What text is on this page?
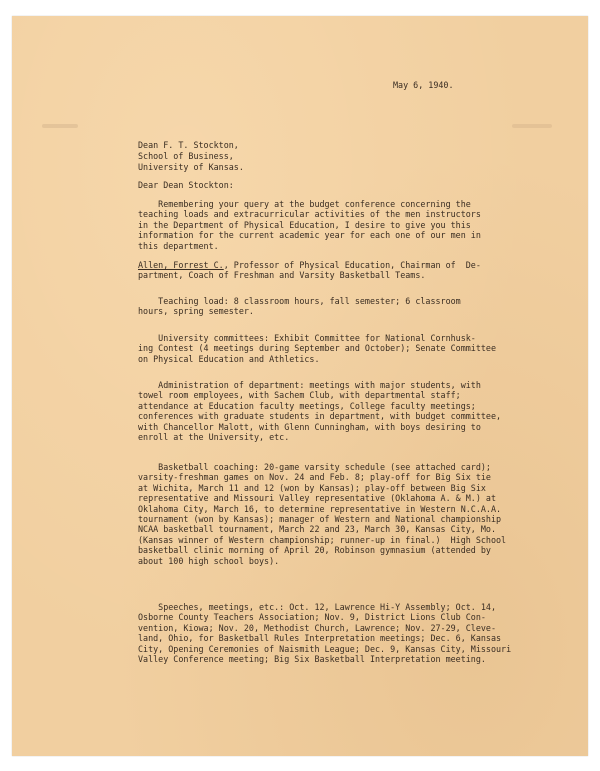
May 6, 1940.
Dean F. T. Stockton,
School of Business,
University of Kansas.
Dear Dean Stockton:
Remembering your query at the budget conference concerning the
teaching loads and extracurricular activities of the men instructors
in the Department of Physical Education, I desire to give you this
information for the current academic year for each one of our men in
this department.
Allen, Forrest C., Professor of Physical Education, Chairman of  De-
partment, Coach of Freshman and Varsity Basketball Teams.
Teaching load: 8 classroom hours, fall semester; 6 classroom
hours, spring semester.
University committees: Exhibit Committee for National Cornhusk-
ing Contest (4 meetings during September and October); Senate Committee
on Physical Education and Athletics.
Administration of department: meetings with major students, with
towel room employees, with Sachem Club, with departmental staff;
attendance at Education faculty meetings, College faculty meetings;
conferences with graduate students in department, with budget committee,
with Chancellor Malott, with Glenn Cunningham, with boys desiring to
enroll at the University, etc.
Basketball coaching: 20-game varsity schedule (see attached card);
varsity-freshman games on Nov. 24 and Feb. 8; play-off for Big Six tie
at Wichita, March 11 and 12 (won by Kansas); play-off between Big Six
representative and Missouri Valley representative (Oklahoma A. & M.) at
Oklahoma City, March 16, to determine representative in Western N.C.A.A.
tournament (won by Kansas); manager of Western and National championship
NCAA basketball tournament, March 22 and 23, March 30, Kansas City, Mo.
(Kansas winner of Western championship; runner-up in final.)  High School
basketball clinic morning of April 20, Robinson gymnasium (attended by
about 100 high school boys).
Speeches, meetings, etc.: Oct. 12, Lawrence Hi-Y Assembly; Oct. 14,
Osborne County Teachers Association; Nov. 9, District Lions Club Con-
vention, Kiowa; Nov. 20, Methodist Church, Lawrence; Nov. 27-29, Cleve-
land, Ohio, for Basketball Rules Interpretation meetings; Dec. 6, Kansas
City, Opening Ceremonies of Naismith League; Dec. 9, Kansas City, Missouri
Valley Conference meeting; Big Six Basketball Interpretation meeting.
